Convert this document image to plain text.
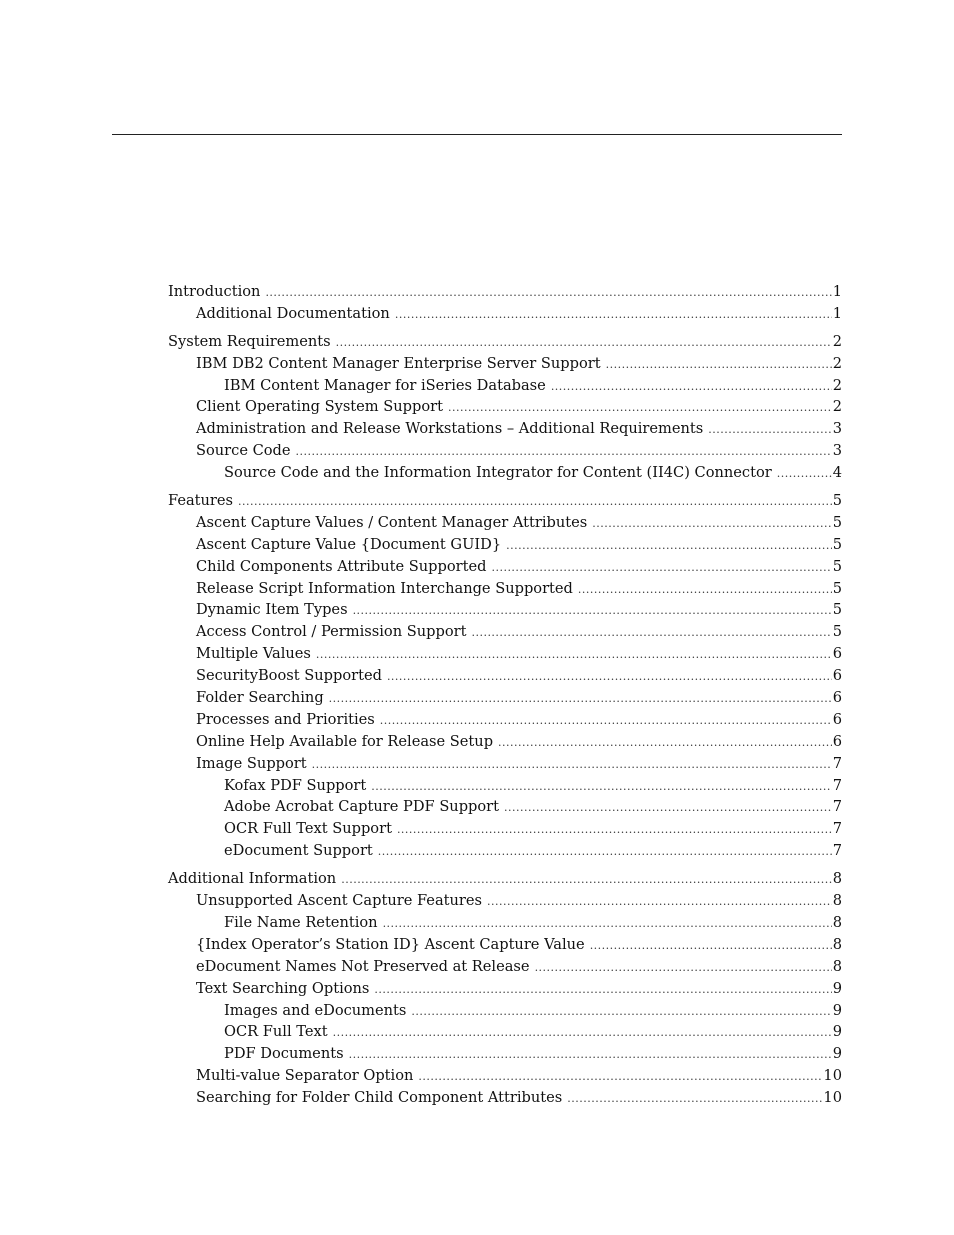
Introduction .....	1
Additional Documentation .....	1
System Requirements .....	2
IBM DB2 Content Manager Enterprise Server Support .....	2
IBM Content Manager for iSeries Database .....	2
Client Operating System Support .....	2
Administration and Release Workstations – Additional Requirements .....	3
Source Code .....	3
Source Code and the Information Integrator for Content (II4C) Connector .....	4
Features .....	5
Ascent Capture Values / Content Manager Attributes .....	5
Ascent Capture Value {Document GUID} .....	5
Child Components Attribute Supported .....	5
Release Script Information Interchange Supported .....	5
Dynamic Item Types .....	5
Access Control / Permission Support .....	5
Multiple Values .....	6
SecurityBoost Supported .....	6
Folder Searching .....	6
Processes and Priorities .....	6
Online Help Available for Release Setup .....	6
Image Support .....	7
Kofax PDF Support .....	7
Adobe Acrobat Capture PDF Support .....	7
OCR Full Text Support .....	7
eDocument Support .....	7
Additional Information .....	8
Unsupported Ascent Capture Features .....	8
File Name Retention .....	8
{Index Operator’s Station ID} Ascent Capture Value .....	8
eDocument Names Not Preserved at Release .....	8
Text Searching Options .....	9
Images and eDocuments .....	9
OCR Full Text .....	9
PDF Documents .....	9
Multi-value Separator Option .....	10
Searching for Folder Child Component Attributes .....	10
